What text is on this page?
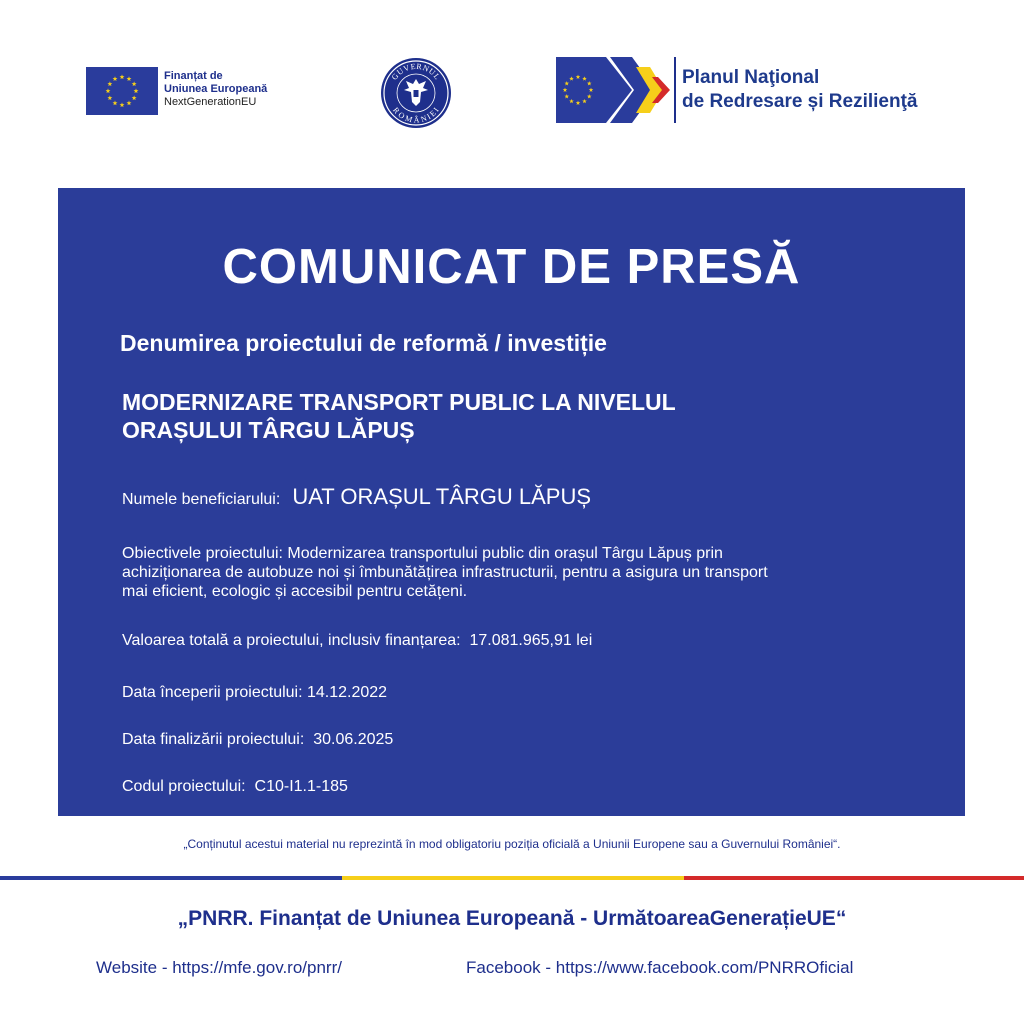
Finanțat de
Uniunea Europeană
NextGenerationEU
GUVERNUL
ROMÂNIEI
Planul Naţional
de Redresare și Rezilienţă
COMUNICAT DE PRESĂ
Denumirea proiectului de reformă / investiție
MODERNIZARE TRANSPORT PUBLIC LA NIVELUL
ORAȘULUI TÂRGU LĂPUȘ
Numele beneficiarului: UAT ORAȘUL TÂRGU LĂPUȘ
Obiectivele proiectului: Modernizarea transportului public din orașul Târgu Lăpuș prin
achiziționarea de autobuze noi și îmbunătățirea infrastructurii, pentru a asigura un transport
mai eficient, ecologic și accesibil pentru cetățeni.
Valoarea totală a proiectului, inclusiv finanțarea: 17.081.965,91 lei
Data începerii proiectului: 14.12.2022
Data finalizării proiectului: 30.06.2025
Codul proiectului: C10-I1.1-185
„Conținutul acestui material nu reprezintă în mod obligatoriu poziția oficială a Uniunii Europene sau a Guvernului României“.
„PNRR. Finanțat de Uniunea Europeană - UrmătoareaGenerațieUE“
Website - https://mfe.gov.ro/pnrr/	Facebook - https://www.facebook.com/PNRROficial
